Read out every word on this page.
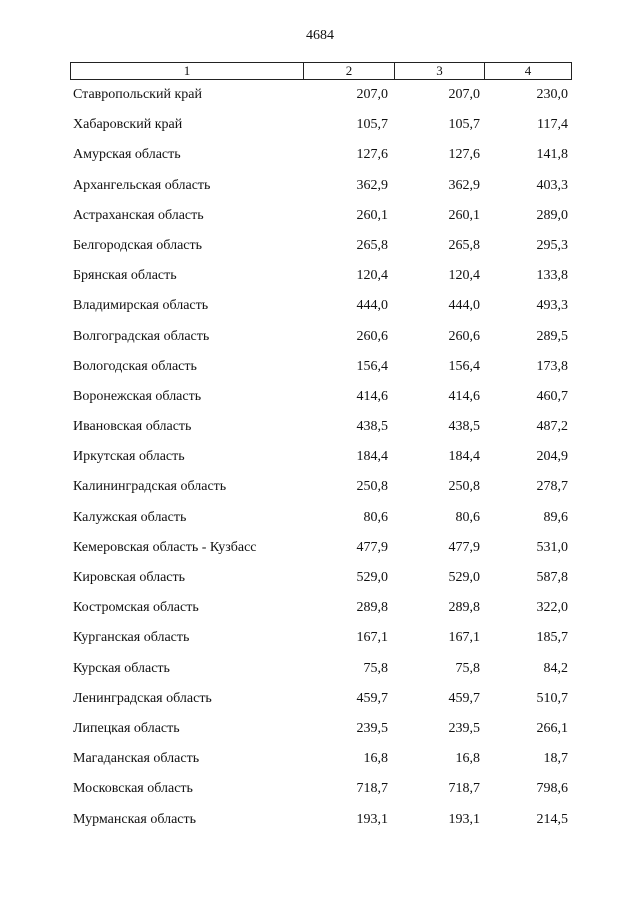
4684
1	2	3	4
Ставропольский край	207,0	207,0	230,0
Хабаровский край	105,7	105,7	117,4
Амурская область	127,6	127,6	141,8
Архангельская область	362,9	362,9	403,3
Астраханская область	260,1	260,1	289,0
Белгородская область	265,8	265,8	295,3
Брянская область	120,4	120,4	133,8
Владимирская область	444,0	444,0	493,3
Волгоградская область	260,6	260,6	289,5
Вологодская область	156,4	156,4	173,8
Воронежская область	414,6	414,6	460,7
Ивановская область	438,5	438,5	487,2
Иркутская область	184,4	184,4	204,9
Калининградская область	250,8	250,8	278,7
Калужская область	80,6	80,6	89,6
Кемеровская область - Кузбасс	477,9	477,9	531,0
Кировская область	529,0	529,0	587,8
Костромская область	289,8	289,8	322,0
Курганская область	167,1	167,1	185,7
Курская область	75,8	75,8	84,2
Ленинградская область	459,7	459,7	510,7
Липецкая область	239,5	239,5	266,1
Магаданская область	16,8	16,8	18,7
Московская область	718,7	718,7	798,6
Мурманская область	193,1	193,1	214,5
